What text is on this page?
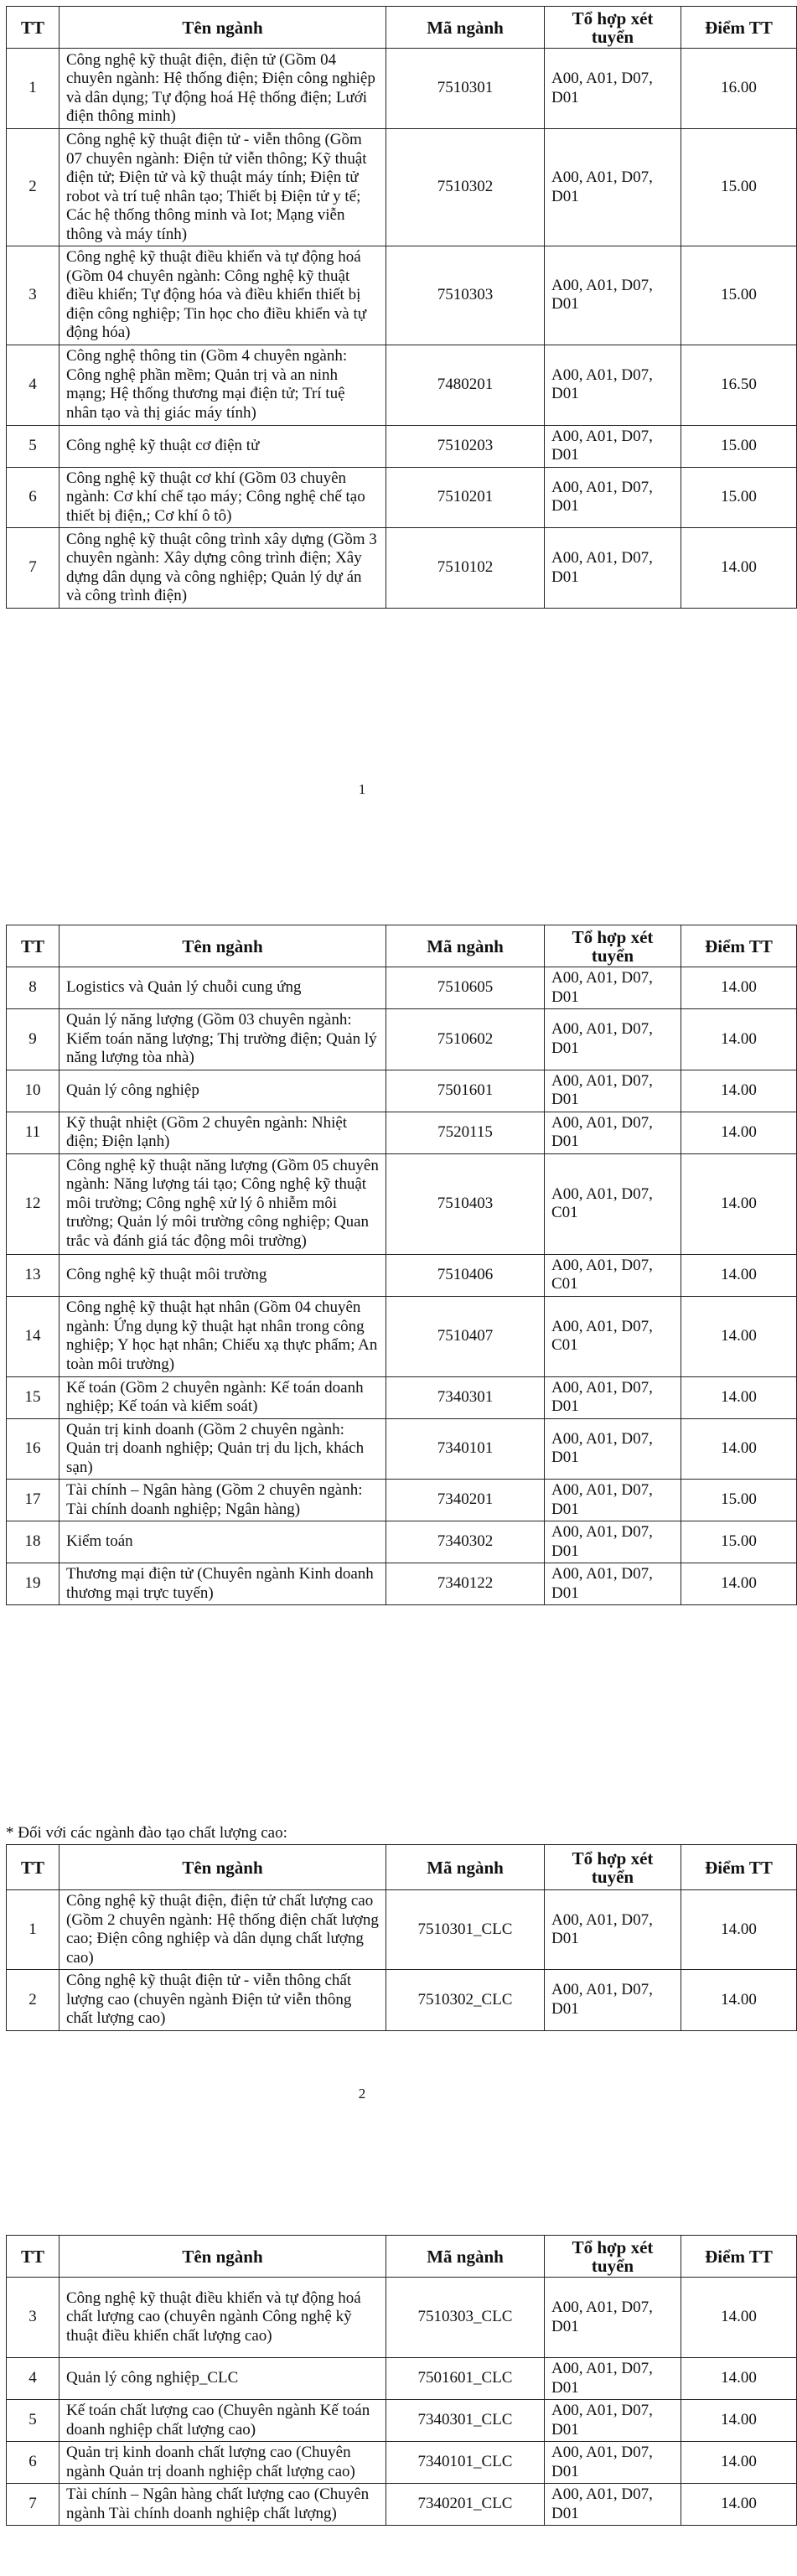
TT	Tên ngành	Mã ngành	Tổ hợp xét tuyển	Điểm TT
1	Công nghệ kỹ thuật điện, điện tử (Gồm 04 chuyên ngành: Hệ thống điện; Điện công nghiệp và dân dụng; Tự động hoá Hệ thống điện; Lưới điện thông minh)	7510301	A00, A01, D07, D01	16.00
2	Công nghệ kỹ thuật điện tử - viễn thông (Gồm 07 chuyên ngành: Điện tử viễn thông; Kỹ thuật điện tử; Điện tử và kỹ thuật máy tính; Điện tử robot và trí tuệ nhân tạo; Thiết bị Điện tử y tế; Các hệ thống thông minh và Iot; Mạng viễn thông và máy tính)	7510302	A00, A01, D07, D01	15.00
3	Công nghệ kỹ thuật điều khiển và tự động hoá (Gồm 04 chuyên ngành: Công nghệ kỹ thuật điều khiển; Tự động hóa và điều khiển thiết bị điện công nghiệp; Tin học cho điều khiển và tự động hóa)	7510303	A00, A01, D07, D01	15.00
4	Công nghệ thông tin (Gồm 4 chuyên ngành: Công nghệ phần mềm; Quản trị và an ninh mạng; Hệ thống thương mại điện tử; Trí tuệ nhân tạo và thị giác máy tính)	7480201	A00, A01, D07, D01	16.50
5	Công nghệ kỹ thuật cơ điện tử	7510203	A00, A01, D07, D01	15.00
6	Công nghệ kỹ thuật cơ khí (Gồm 03 chuyên ngành: Cơ khí chế tạo máy; Công nghệ chế tạo thiết bị điện,; Cơ khí ô tô)	7510201	A00, A01, D07, D01	15.00
7	Công nghệ kỹ thuật công trình xây dựng (Gồm 3 chuyên ngành: Xây dựng công trình điện; Xây dựng dân dụng và công nghiệp; Quản lý dự án và công trình điện)	7510102	A00, A01, D07, D01	14.00
1
TT	Tên ngành	Mã ngành	Tổ hợp xét tuyển	Điểm TT
8	Logistics và Quản lý chuỗi cung ứng	7510605	A00, A01, D07, D01	14.00
9	Quản lý năng lượng (Gồm 03 chuyên ngành: Kiểm toán năng lượng; Thị trường điện; Quản lý năng lượng tòa nhà)	7510602	A00, A01, D07, D01	14.00
10	Quản lý công nghiệp	7501601	A00, A01, D07, D01	14.00
11	Kỹ thuật nhiệt (Gồm 2 chuyên ngành: Nhiệt điện; Điện lạnh)	7520115	A00, A01, D07, D01	14.00
12	Công nghệ kỹ thuật năng lượng (Gồm 05 chuyên ngành: Năng lượng tái tạo; Công nghệ kỹ thuật môi trường; Công nghệ xử lý ô nhiễm môi trường; Quản lý môi trường công nghiệp; Quan trắc và đánh giá tác động môi trường)	7510403	A00, A01, D07, C01	14.00
13	Công nghệ kỹ thuật môi trường	7510406	A00, A01, D07, C01	14.00
14	Công nghệ kỹ thuật hạt nhân (Gồm 04 chuyên ngành: Ứng dụng kỹ thuật hạt nhân trong công nghiệp; Y học hạt nhân; Chiếu xạ thực phẩm; An toàn môi trường)	7510407	A00, A01, D07, C01	14.00
15	Kế toán (Gồm 2 chuyên ngành: Kế toán doanh nghiệp; Kế toán và kiểm soát)	7340301	A00, A01, D07, D01	14.00
16	Quản trị kinh doanh (Gồm 2 chuyên ngành: Quản trị doanh nghiệp; Quản trị du lịch, khách sạn)	7340101	A00, A01, D07, D01	14.00
17	Tài chính – Ngân hàng (Gồm 2 chuyên ngành: Tài chính doanh nghiệp; Ngân hàng)	7340201	A00, A01, D07, D01	15.00
18	Kiểm toán	7340302	A00, A01, D07, D01	15.00
19	Thương mại điện tử (Chuyên ngành Kinh doanh thương mại trực tuyến)	7340122	A00, A01, D07, D01	14.00
* Đối với các ngành đào tạo chất lượng cao:
TT	Tên ngành	Mã ngành	Tổ hợp xét tuyển	Điểm TT
1	Công nghệ kỹ thuật điện, điện tử chất lượng cao (Gồm 2 chuyên ngành: Hệ thống điện chất lượng cao; Điện công nghiệp và dân dụng chất lượng cao)	7510301_CLC	A00, A01, D07, D01	14.00
2	Công nghệ kỹ thuật điện tử - viễn thông chất lượng cao (chuyên ngành Điện tử viễn thông chất lượng cao)	7510302_CLC	A00, A01, D07, D01	14.00
2
TT	Tên ngành	Mã ngành	Tổ hợp xét tuyển	Điểm TT
3	Công nghệ kỹ thuật điều khiển và tự động hoá chất lượng cao (chuyên ngành Công nghệ kỹ thuật điều khiển chất lượng cao)	7510303_CLC	A00, A01, D07, D01	14.00
4	Quản lý công nghiệp_CLC	7501601_CLC	A00, A01, D07, D01	14.00
5	Kế toán chất lượng cao (Chuyên ngành Kế toán doanh nghiệp chất lượng cao)	7340301_CLC	A00, A01, D07, D01	14.00
6	Quản trị kinh doanh chất lượng cao (Chuyên ngành Quản trị doanh nghiệp chất lượng cao)	7340101_CLC	A00, A01, D07, D01	14.00
7	Tài chính – Ngân hàng chất lượng cao (Chuyên ngành Tài chính doanh nghiệp chất lượng)	7340201_CLC	A00, A01, D07, D01	14.00
